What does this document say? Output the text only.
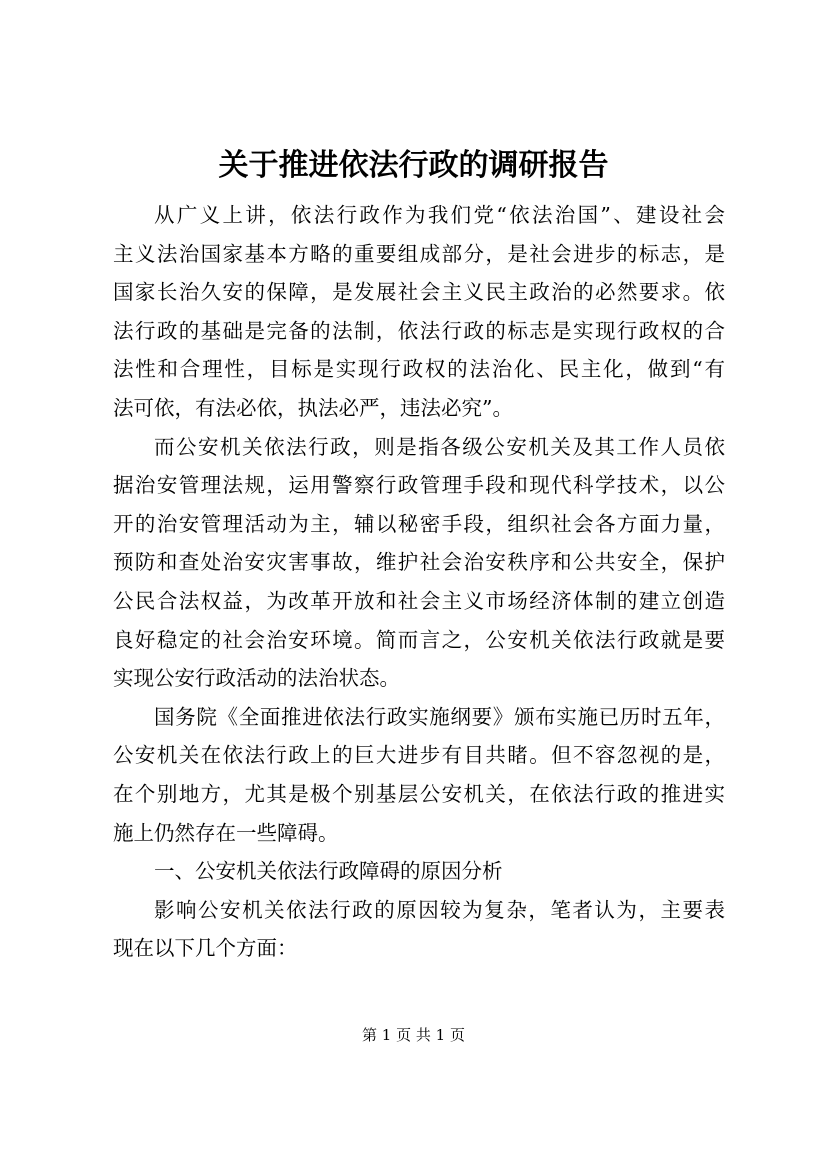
关于推进依法行政的调研报告
从广义上讲，依法行政作为我们党“依法治国”、建设社会
主义法治国家基本方略的重要组成部分，是社会进步的标志，是
国家长治久安的保障，是发展社会主义民主政治的必然要求。依
法行政的基础是完备的法制，依法行政的标志是实现行政权的合
法性和合理性，目标是实现行政权的法治化、民主化，做到“有
法可依，有法必依，执法必严，违法必究”。
而公安机关依法行政，则是指各级公安机关及其工作人员依
据治安管理法规，运用警察行政管理手段和现代科学技术，以公
开的治安管理活动为主，辅以秘密手段，组织社会各方面力量，
预防和查处治安灾害事故，维护社会治安秩序和公共安全，保护
公民合法权益，为改革开放和社会主义市场经济体制的建立创造
良好稳定的社会治安环境。简而言之，公安机关依法行政就是要
实现公安行政活动的法治状态。
国务院《全面推进依法行政实施纲要》颁布实施已历时五年，
公安机关在依法行政上的巨大进步有目共睹。但不容忽视的是，
在个别地方，尤其是极个别基层公安机关，在依法行政的推进实
施上仍然存在一些障碍。
一、公安机关依法行政障碍的原因分析
影响公安机关依法行政的原因较为复杂，笔者认为，主要表
现在以下几个方面：
第 1 页 共 1 页
